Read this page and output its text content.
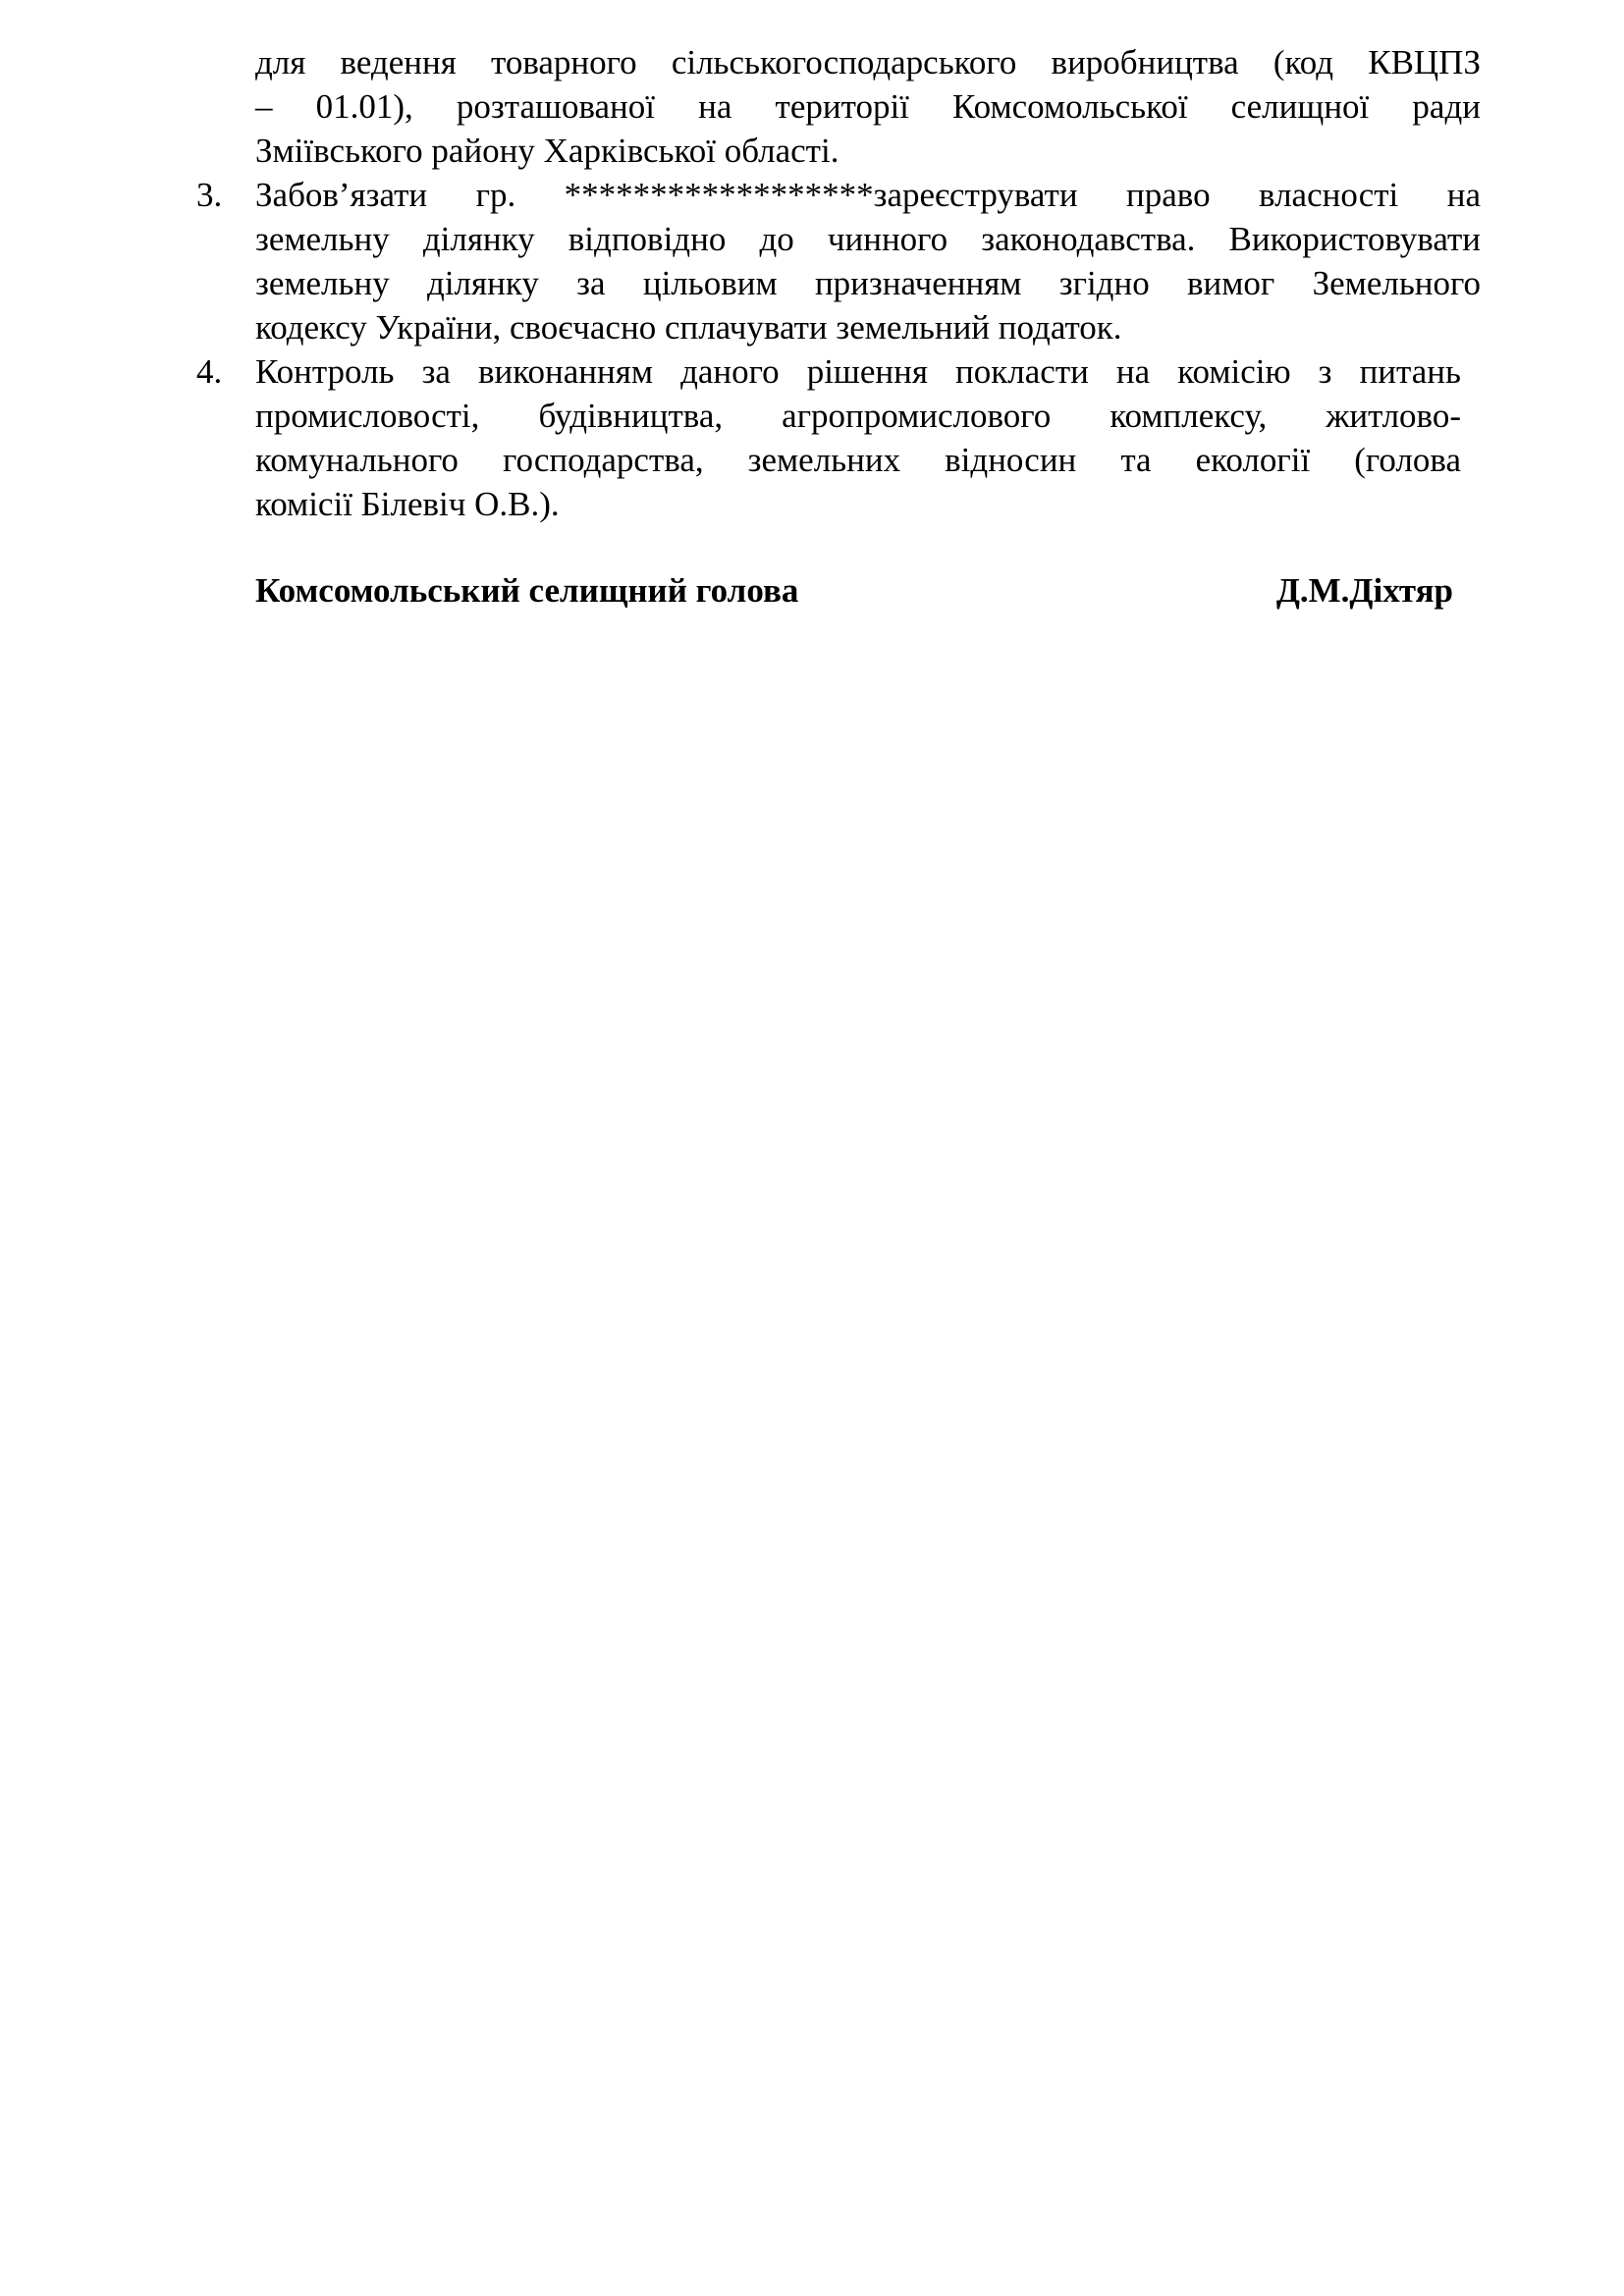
для ведення товарного сільськогосподарського виробництва (код КВЦПЗ
– 01.01), розташованої на території Комсомольської селищної ради
Зміївського району Харківської області.
3. Забов’язати гр. ******************зареєструвати право власності на
земельну ділянку відповідно до чинного законодавства. Використовувати
земельну ділянку за цільовим призначенням згідно вимог Земельного
кодексу України, своєчасно сплачувати земельний податок.
4. Контроль за виконанням даного рішення покласти на комісію з питань
промисловості, будівництва, агропромислового комплексу, житлово-
комунального господарства, земельних відносин та екології (голова
комісії Білевіч О.В.).
Комсомольський селищний голова	Д.М.Діхтяр
